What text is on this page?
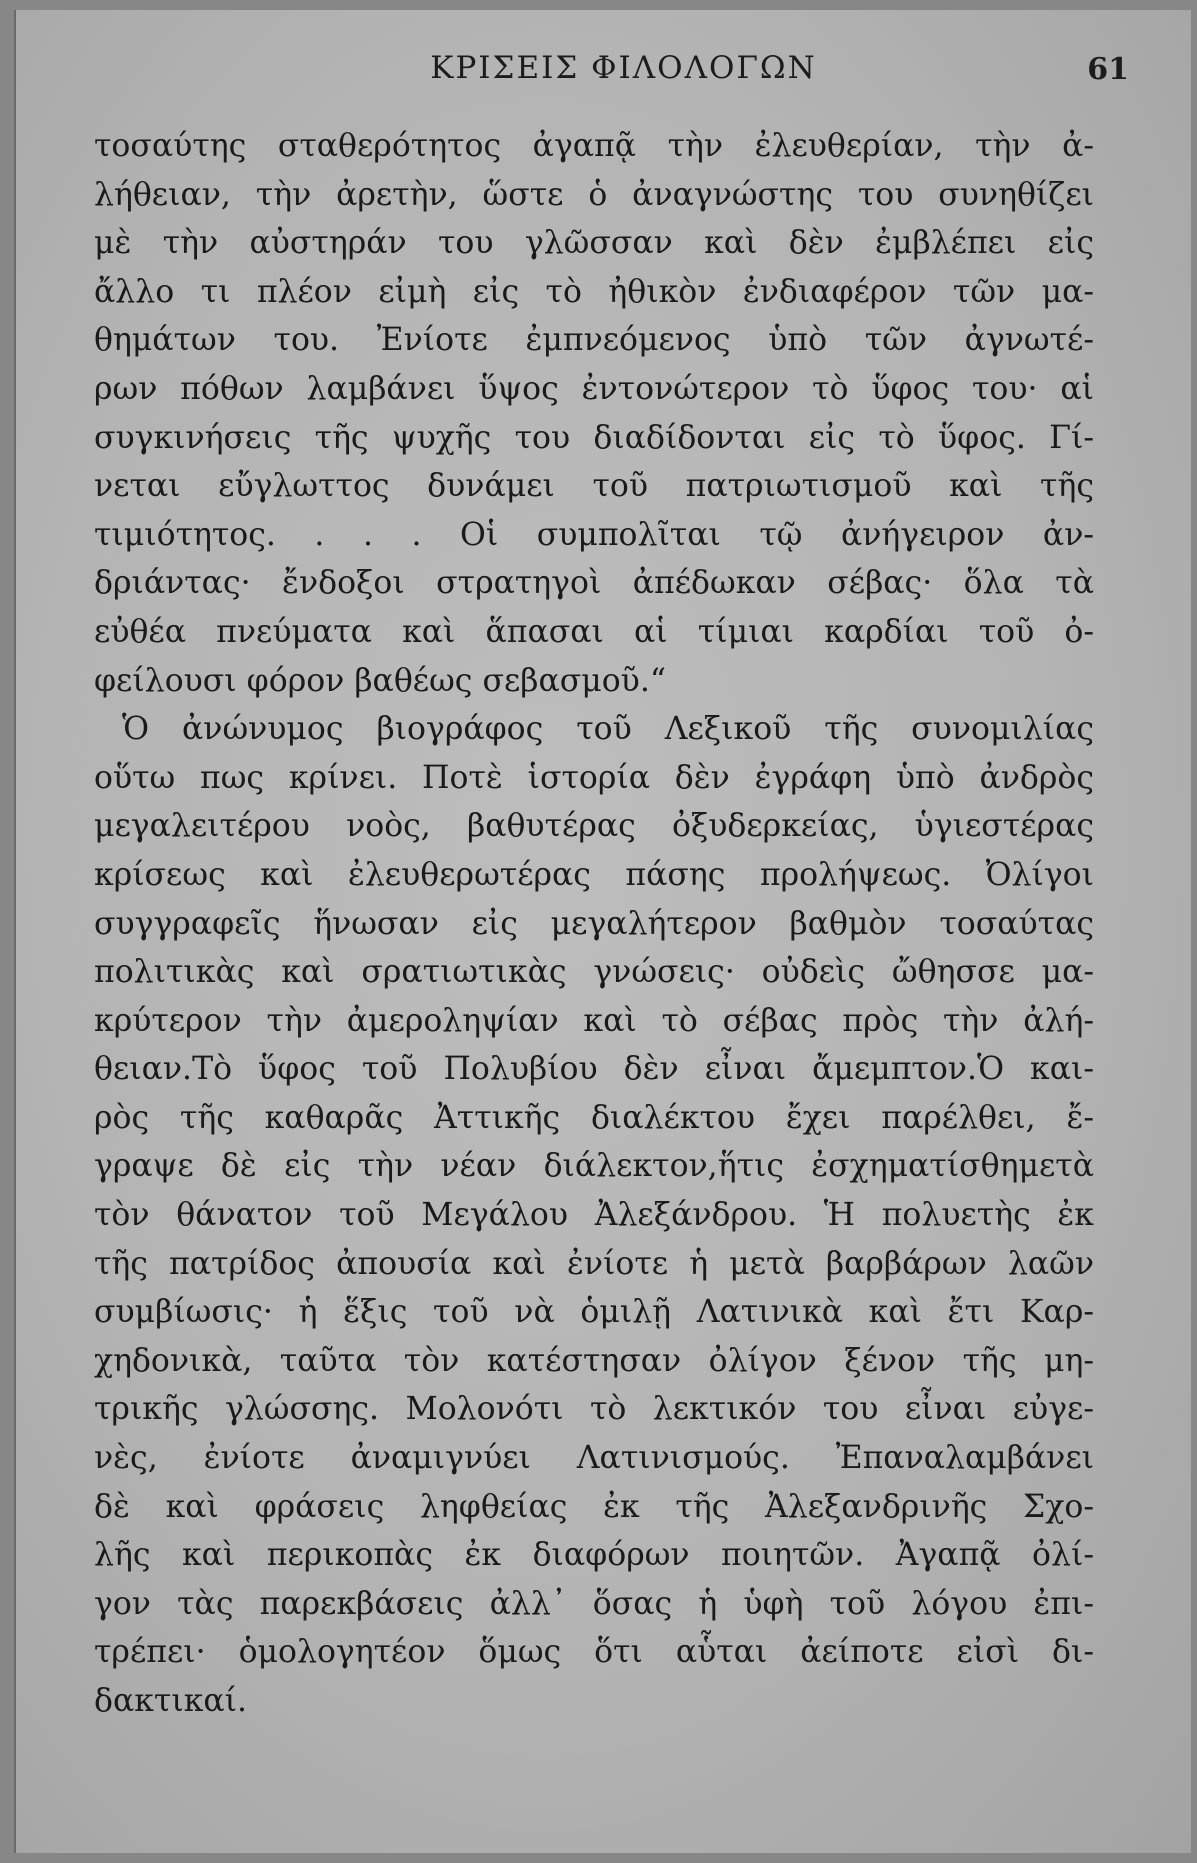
ΚΡΙΣΕΙΣ ΦΙΛΟΛΟΓΩΝ	61
τοσαύτης σταθερότητος ἀγαπᾷ τὴν ἐλευθερίαν, τὴν ἀ-
λήθειαν, τὴν ἀρετὴν, ὥστε ὁ ἀναγνώστης του συνηθίζει
μὲ τὴν αὐστηράν του γλῶσσαν καὶ δὲν ἐμβλέπει εἰς
ἄλλο τι πλέον εἰμὴ εἰς τὸ ἠθικὸν ἐνδιαφέρον τῶν μα-
θημάτων του. Ἐνίοτε ἐμπνεόμενος ὑπὸ τῶν ἀγνωτέ-
ρων πόθων λαμβάνει ὕψος ἐντονώτερον τὸ ὕφος του· αἱ
συγκινήσεις τῆς ψυχῆς του διαδίδονται εἰς τὸ ὕφος. Γί-
νεται εὔγλωττος δυνάμει τοῦ πατριωτισμοῦ καὶ τῆς
τιμιότητος. . . . Οἱ συμπολῖται τῷ ἀνήγειρον ἀν-
δριάντας· ἔνδοξοι στρατηγοὶ ἀπέδωκαν σέβας· ὅλα τὰ
εὐθέα πνεύματα καὶ ἅπασαι αἱ τίμιαι καρδίαι τοῦ ὀ-
φείλουσι φόρον βαθέως σεβασμοῦ.“
Ὁ ἀνώνυμος βιογράφος τοῦ Λεξικοῦ τῆς συνομιλίας
οὕτω πως κρίνει. Ποτὲ ἱστορία δὲν ἐγράφη ὑπὸ ἀνδρὸς
μεγαλειτέρου νοὸς, βαθυτέρας ὀξυδερκείας, ὑγιεστέρας
κρίσεως καὶ ἐλευθερωτέρας πάσης προλήψεως. Ὀλίγοι
συγγραφεῖς ἥνωσαν εἰς μεγαλήτερον βαθμὸν τοσαύτας
πολιτικὰς καὶ σρατιωτικὰς γνώσεις· οὐδεὶς ὤθησσε μα-
κρύτερον τὴν ἀμεροληψίαν καὶ τὸ σέβας πρὸς τὴν ἀλή-
θειαν.Τὸ ὕφος τοῦ Πολυβίου δὲν εἶναι ἄμεμπτον.Ὁ και-
ρὸς τῆς καθαρᾶς Ἀττικῆς διαλέκτου ἔχει παρέλθει, ἔ-
γραψε δὲ εἰς τὴν νέαν διάλεκτον,ἥτις ἐσχηματίσθημετὰ
τὸν θάνατον τοῦ Μεγάλου Ἀλεξάνδρου. Ἡ πολυετὴς ἐκ
τῆς πατρίδος ἀπουσία καὶ ἐνίοτε ἡ μετὰ βαρβάρων λαῶν
συμβίωσις· ἡ ἕξις τοῦ νὰ ὁμιλῇ Λατινικὰ καὶ ἔτι Καρ-
χηδονικὰ, ταῦτα τὸν κατέστησαν ὀλίγον ξένον τῆς μη-
τρικῆς γλώσσης. Μολονότι τὸ λεκτικόν του εἶναι εὐγε-
νὲς, ἐνίοτε ἀναμιγνύει Λατινισμούς. Ἐπαναλαμβάνει
δὲ καὶ φράσεις ληφθείας ἐκ τῆς Ἀλεξανδρινῆς Σχο-
λῆς καὶ περικοπὰς ἐκ διαφόρων ποιητῶν. Ἀγαπᾷ ὀλί-
γον τὰς παρεκβάσεις ἀλλ᾽ ὅσας ἡ ὑφὴ τοῦ λόγου ἐπι-
τρέπει· ὁμολογητέον ὅμως ὅτι αὗται ἀείποτε εἰσὶ δι-
δακτικαί.
